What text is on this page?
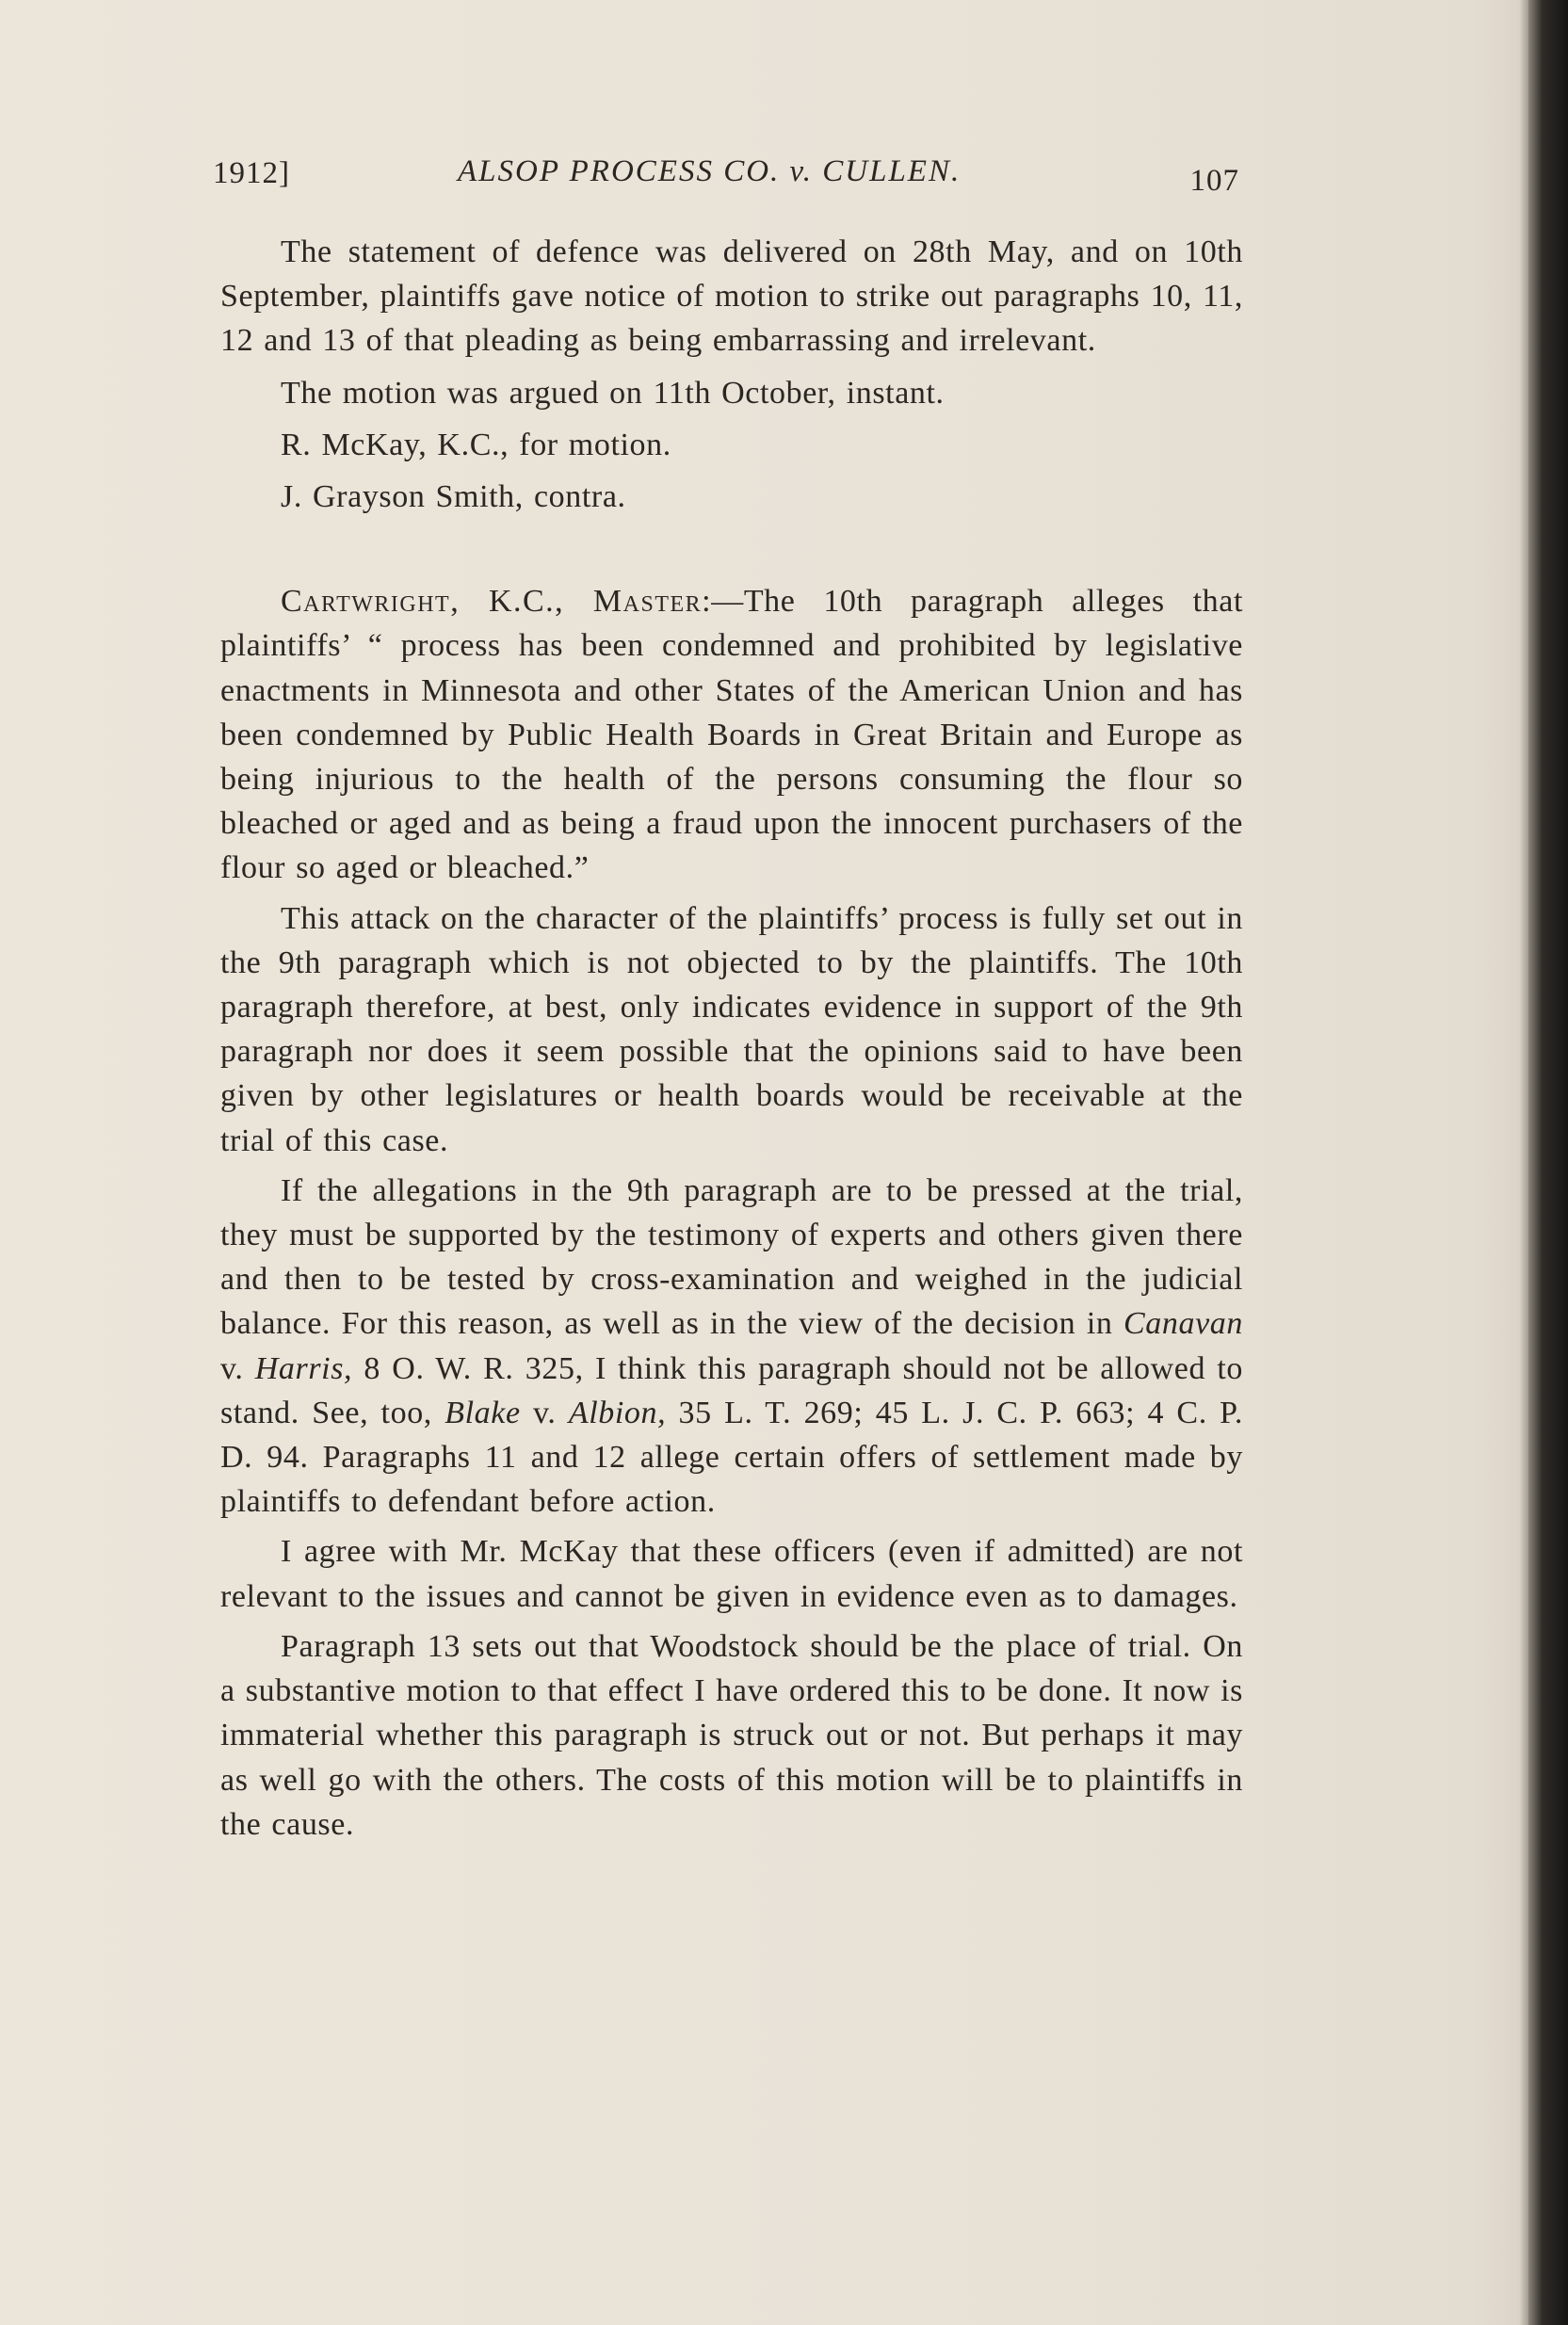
1912]	ALSOP PROCESS CO. v. CULLEN.	107

The statement of defence was delivered on 28th May, and on 10th September, plaintiffs gave notice of motion to strike out paragraphs 10, 11, 12 and 13 of that pleading as being embarrassing and irrelevant.

The motion was argued on 11th October, instant.

R. McKay, K.C., for motion.

J. Grayson Smith, contra.

Cartwright, K.C., Master:—The 10th paragraph alleges that plaintiffs’ “ process has been condemned and prohibited by legislative enactments in Minnesota and other States of the American Union and has been condemned by Public Health Boards in Great Britain and Europe as being injurious to the health of the persons consuming the flour so bleached or aged and as being a fraud upon the innocent purchasers of the flour so aged or bleached.”

This attack on the character of the plaintiffs’ process is fully set out in the 9th paragraph which is not objected to by the plaintiffs. The 10th paragraph therefore, at best, only indicates evidence in support of the 9th paragraph nor does it seem possible that the opinions said to have been given by other legislatures or health boards would be receivable at the trial of this case.

If the allegations in the 9th paragraph are to be pressed at the trial, they must be supported by the testimony of experts and others given there and then to be tested by cross-examination and weighed in the judicial balance. For this reason, as well as in the view of the decision in Canavan v. Harris, 8 O. W. R. 325, I think this paragraph should not be allowed to stand. See, too, Blake v. Albion, 35 L. T. 269; 45 L. J. C. P. 663; 4 C. P. D. 94. Paragraphs 11 and 12 allege certain offers of settlement made by plaintiffs to defendant before action.

I agree with Mr. McKay that these officers (even if admitted) are not relevant to the issues and cannot be given in evidence even as to damages.

Paragraph 13 sets out that Woodstock should be the place of trial. On a substantive motion to that effect I have ordered this to be done. It now is immaterial whether this paragraph is struck out or not. But perhaps it may as well go with the others. The costs of this motion will be to plaintiffs in the cause.
